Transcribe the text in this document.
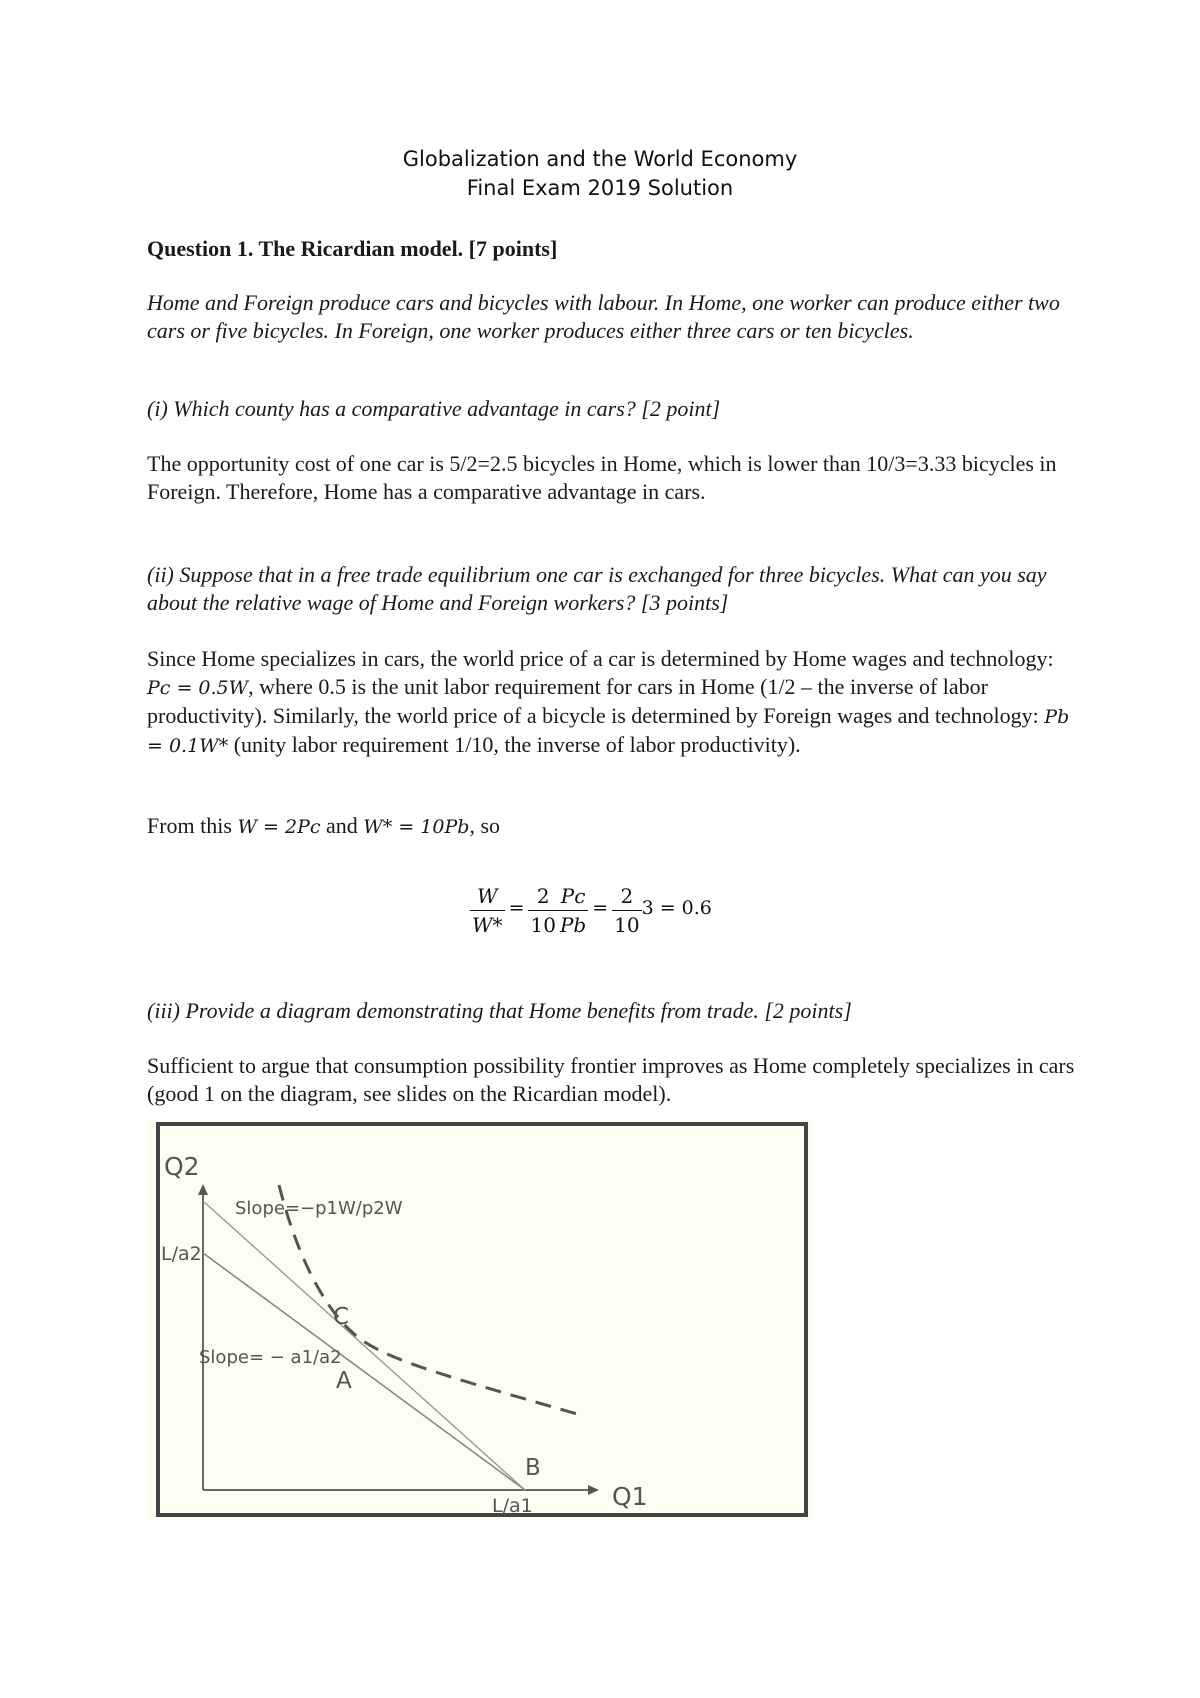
Globalization and the World Economy
Final Exam 2019 Solution
Question 1. The Ricardian model. [7 points]
Home and Foreign produce cars and bicycles with labour. In Home, one worker can produce either two cars or five bicycles. In Foreign, one worker produces either three cars or ten bicycles.
(i) Which county has a comparative advantage in cars? [2 point]
The opportunity cost of one car is 5/2=2.5 bicycles in Home, which is lower than 10/3=3.33 bicycles in Foreign. Therefore, Home has a comparative advantage in cars.
(ii) Suppose that in a free trade equilibrium one car is exchanged for three bicycles. What can you say about the relative wage of Home and Foreign workers? [3 points]
Since Home specializes in cars, the world price of a car is determined by Home wages and technology: Pc = 0.5W, where 0.5 is the unit labor requirement for cars in Home (1/2 – the inverse of labor productivity). Similarly, the world price of a bicycle is determined by Foreign wages and technology: Pb = 0.1W* (unity labor requirement 1/10, the inverse of labor productivity).
From this W = 2Pc and W* = 10Pb, so
$\frac{W}{W*} = \frac{2}{10} \frac{Pc}{Pb} = \frac{2}{10} 3 = 0.6$
(iii) Provide a diagram demonstrating that Home benefits from trade. [2 points]
Sufficient to argue that consumption possibility frontier improves as Home completely specializes in cars (good 1 on the diagram, see slides on the Ricardian model).
Q2
Q1
L/a2
L/a1
Slope=−p1W/p2W
Slope= − a1/a2
C
A
B
